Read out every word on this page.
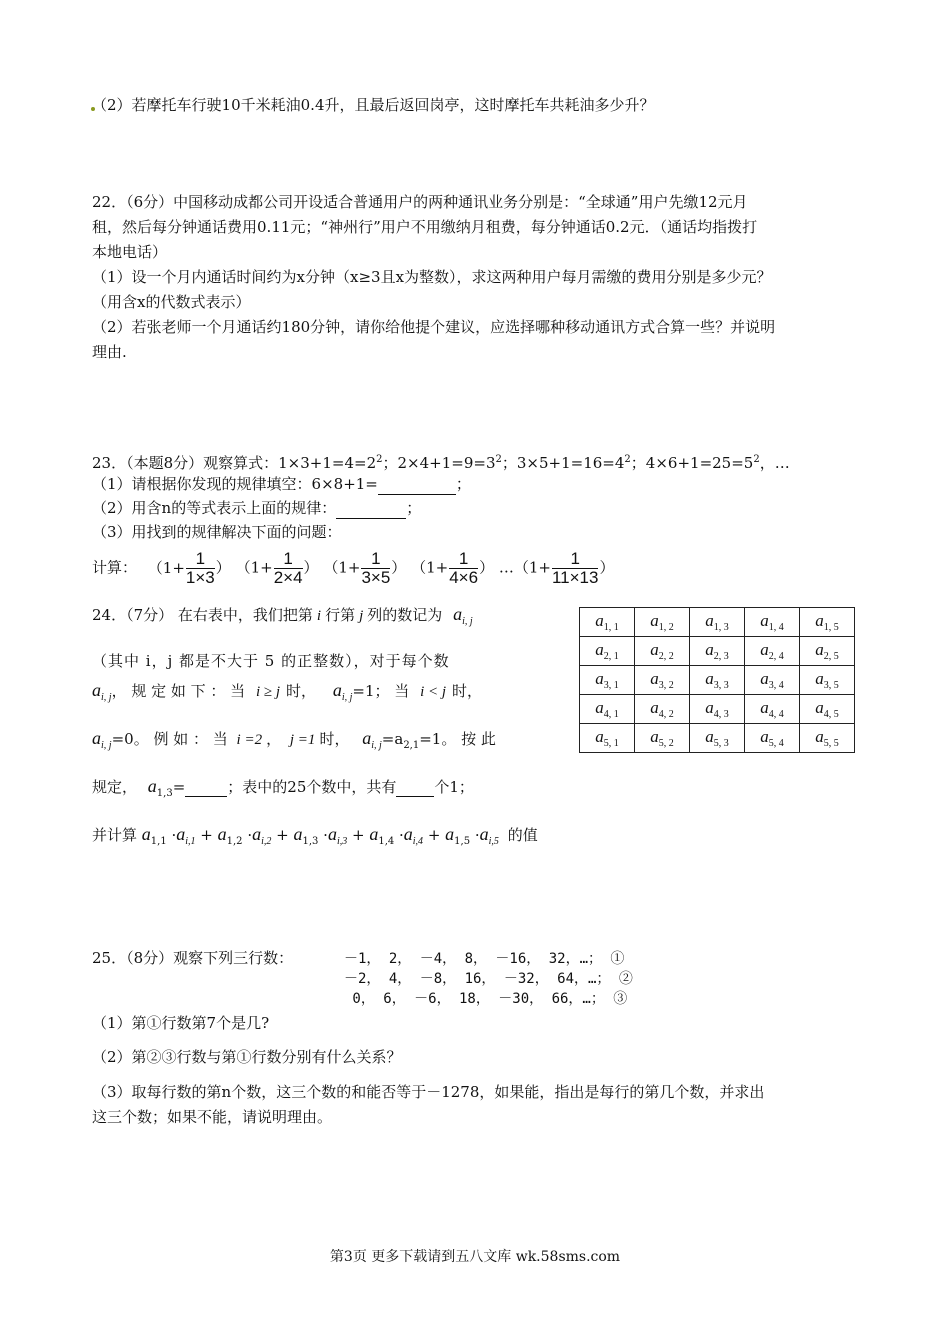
（2）若摩托车行驶10千米耗油0.4升，且最后返回岗亭，这时摩托车共耗油多少升？
22．（6分）中国移动成都公司开设适合普通用户的两种通讯业务分别是：“全球通”用户先缴12元月
租，然后每分钟通话费用0.11元；“神州行”用户不用缴纳月租费，每分钟通话0.2元．（通话均指拨打
本地电话）
（1）设一个月内通话时间约为x分钟（x≥3且x为整数），求这两种用户每月需缴的费用分别是多少元？
（用含x的代数式表示）
（2）若张老师一个月通话约180分钟，请你给他提个建议，应选择哪种移动通讯方式合算一些？并说明
理由.
23．（本题8分）观察算式：$1\times 3+1=4=2^2$；$2\times 4+1=9=3^2$；$3\times 5+1=16=4^2$；$4\times 6+1=25=5^2$，…
（1）请根据你发现的规律填空：6×8+1=	；
（2）用含n的等式表示上面的规律：	；
（3）用找到的规律解决下面的问题：
计算： （$1+ \frac{1}{1\times 3}$ ） （$1+ \frac{1}{2\times 4}$ ） （$1+ \frac{1}{3\times 5}$ ） （$1+ \frac{1}{4\times 6}$ ） …（1+ $\frac{1}{11\times 13}$ ）
24．（7分） 在右表中，我们把第 i 行第 j 列的数记为 $a_{i, j}$
（其中 i，j 都是不大于 5 的正整数），对于每个数
$a_{i, j}$， 规 定 如 下 ： 当 i ≥ j 时， $a_{i, j}=1$； 当 i < j 时，
$a_{i, j}=0$。 例 如 ： 当 i =2 ， j =1 时， $a_{i, j}=a_{2,1}=1$。 按 此
规定， $a_{1,3}=$	；表中的25个数中，共有	个1；
并计算 $a_{1,1} \cdot a_{i,1} + a_{1,2} \cdot a_{i,2} + a_{1,3} \cdot a_{i,3} + a_{1,4} \cdot a_{i,4} + a_{1,5} \cdot a_{i,5}$ 的值
$a_{1, 1}$	$a_{1, 2}$	$a_{1, 3}$	$a_{1, 4}$	$a_{1, 5}$
$a_{2, 1}$	$a_{2, 2}$	$a_{2, 3}$	$a_{2, 4}$	$a_{2, 5}$
$a_{3, 1}$	$a_{3, 2}$	$a_{3, 3}$	$a_{3, 4}$	$a_{3, 5}$
$a_{4, 1}$	$a_{4, 2}$	$a_{4, 3}$	$a_{4, 4}$	$a_{4, 5}$
$a_{5, 1}$	$a_{5, 2}$	$a_{5, 3}$	$a_{5, 4}$	$a_{5, 5}$
25．（8分）观察下列三行数：	－1， 2， －4， 8， －16， 32，…； ①
－2， 4， －8， 16， －32， 64，…； ②
0， 6， －6， 18， －30， 66，…； ③
（1）第①行数第7个是几?
（2）第②③行数与第①行数分别有什么关系？
（3）取每行数的第n个数，这三个数的和能否等于－1278，如果能，指出是每行的第几个数，并求出
这三个数；如果不能，请说明理由。
第3页 更多下载请到五八文库 wk.58sms.com
